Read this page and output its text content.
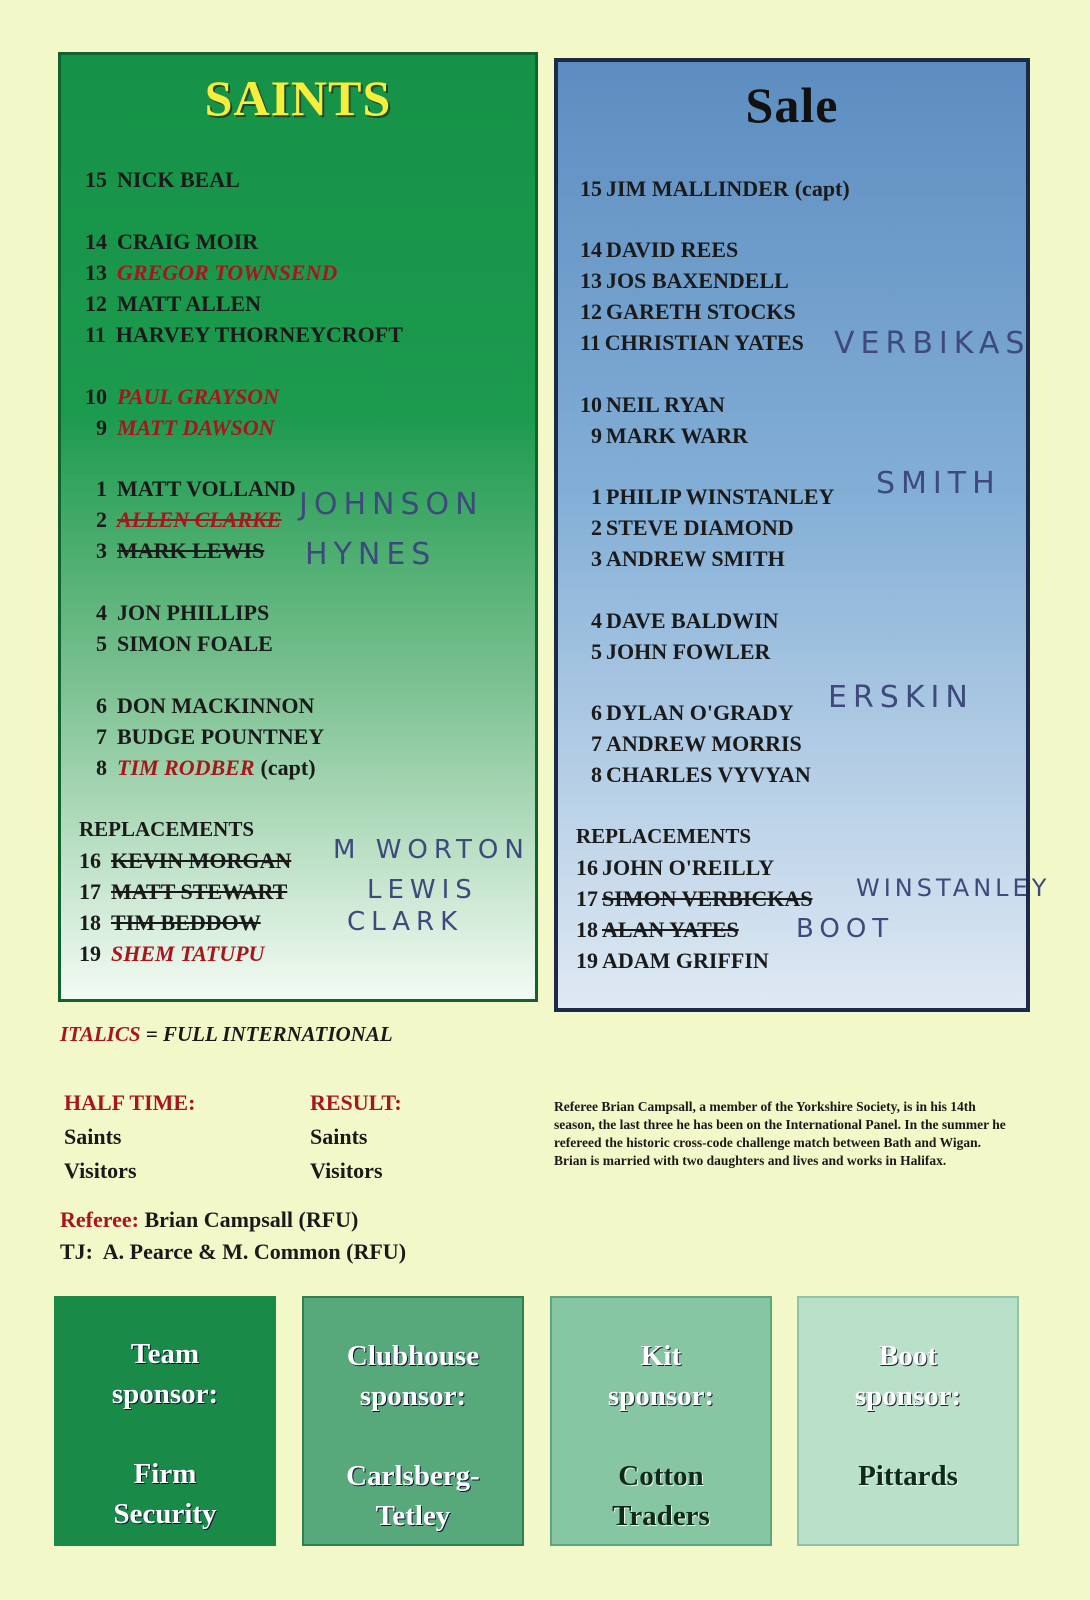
SAINTS
15 NICK BEAL
14 CRAIG MOIR
13 GREGOR TOWNSEND
12 MATT ALLEN
11 HARVEY THORNEYCROFT
10 PAUL GRAYSON
9 MATT DAWSON
1 MATT VOLLAND
2 ALLEN CLARKE
3 MARK LEWIS
4 JON PHILLIPS
5 SIMON FOALE
6 DON MACKINNON
7 BUDGE POUNTNEY
8 TIM RODBER (capt)
REPLACEMENTS
16 KEVIN MORGAN
17 MATT STEWART
18 TIM BEDDOW
19 SHEM TATUPU
JOHNSON
HYNES
M WORTON
LEWIS
CLARK
Sale
15 JIM MALLINDER (capt)
14 DAVID REES
13 JOS BAXENDELL
12 GARETH STOCKS
11 CHRISTIAN YATES
10 NEIL RYAN
9 MARK WARR
1 PHILIP WINSTANLEY
2 STEVE DIAMOND
3 ANDREW SMITH
4 DAVE BALDWIN
5 JOHN FOWLER
6 DYLAN O'GRADY
7 ANDREW MORRIS
8 CHARLES VYVYAN
REPLACEMENTS
16 JOHN O'REILLY
17 SIMON VERBICKAS
18 ALAN YATES
19 ADAM GRIFFIN
VERBIKAS
SMITH
ERSKIN
WINSTANLEY
BOOT
ITALICS = FULL INTERNATIONAL
HALF TIME:
Saints
Visitors
RESULT:
Saints
Visitors
Referee Brian Campsall, a member of the Yorkshire Society, is in his 14th season, the last three he has been on the International Panel. In the summer he refereed the historic cross-code challenge match between Bath and Wigan. Brian is married with two daughters and lives and works in Halifax.
Referee: Brian Campsall (RFU)
TJ: A. Pearce & M. Common (RFU)
Team
sponsor:
Firm
Security
Clubhouse
sponsor:
Carlsberg-
Tetley
Kit
sponsor:
Cotton
Traders
Boot
sponsor:
Pittards
